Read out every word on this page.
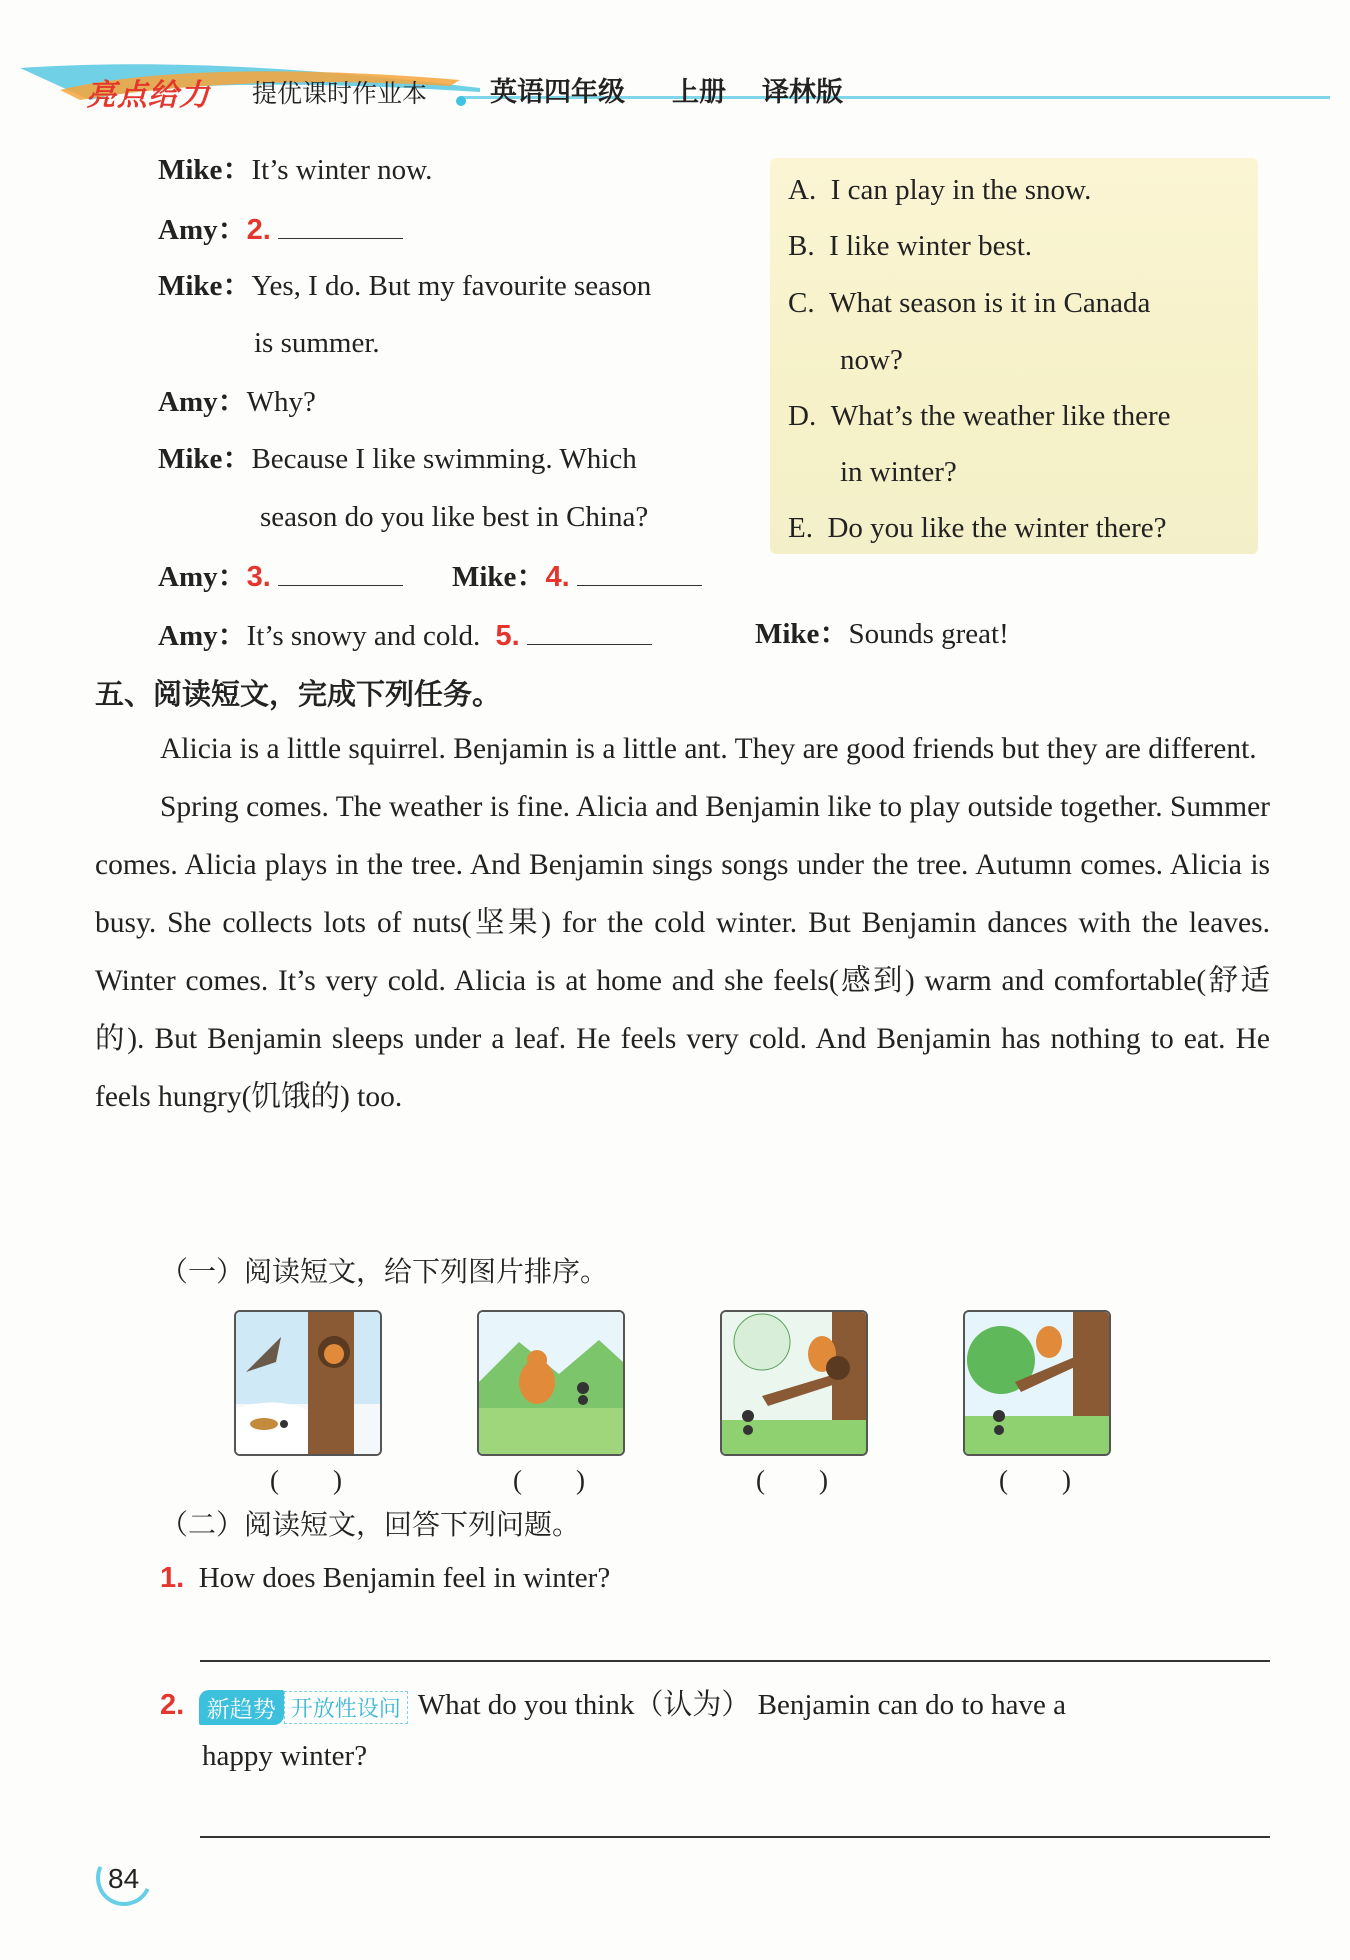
亮点给力 提优课时作业本 英语四年级 上册 译林版
Mike：It’s winter now.
Amy：2.
Mike：Yes, I do. But my favourite season
is summer.
Amy：Why?
Mike：Because I like swimming. Which
season do you like best in China?
Amy：3.	Mike：4.
Amy：It’s snowy and cold. 5.	Mike：Sounds great!
A. I can play in the snow.
B. I like winter best.
C. What season is it in Canada
now?
D. What’s the weather like there
in winter?
E. Do you like the winter there?
五、阅读短文，完成下列任务。

Alicia is a little squirrel. Benjamin is a little ant. They are good friends but they are different.

Spring comes. The weather is fine. Alicia and Benjamin like to play outside together. Summer comes. Alicia plays in the tree. And Benjamin sings songs under the tree. Autumn comes. Alicia is busy. She collects lots of nuts(坚果) for the cold winter. But Benjamin dances with the leaves. Winter comes. It’s very cold. Alicia is at home and she feels(感到) warm and comfortable(舒适的). But Benjamin sleeps under a leaf. He feels very cold. And Benjamin has nothing to eat. He feels hungry(饥饿的) too.

（一）阅读短文，给下列图片排序。
(　　)	(　　)	(　　)	(　　)
（二）阅读短文，回答下列问题。
1. How does Benjamin feel in winter?
2. 新趋势 开放性设问 What do you think（认为） Benjamin can do to have a
happy winter?
84
